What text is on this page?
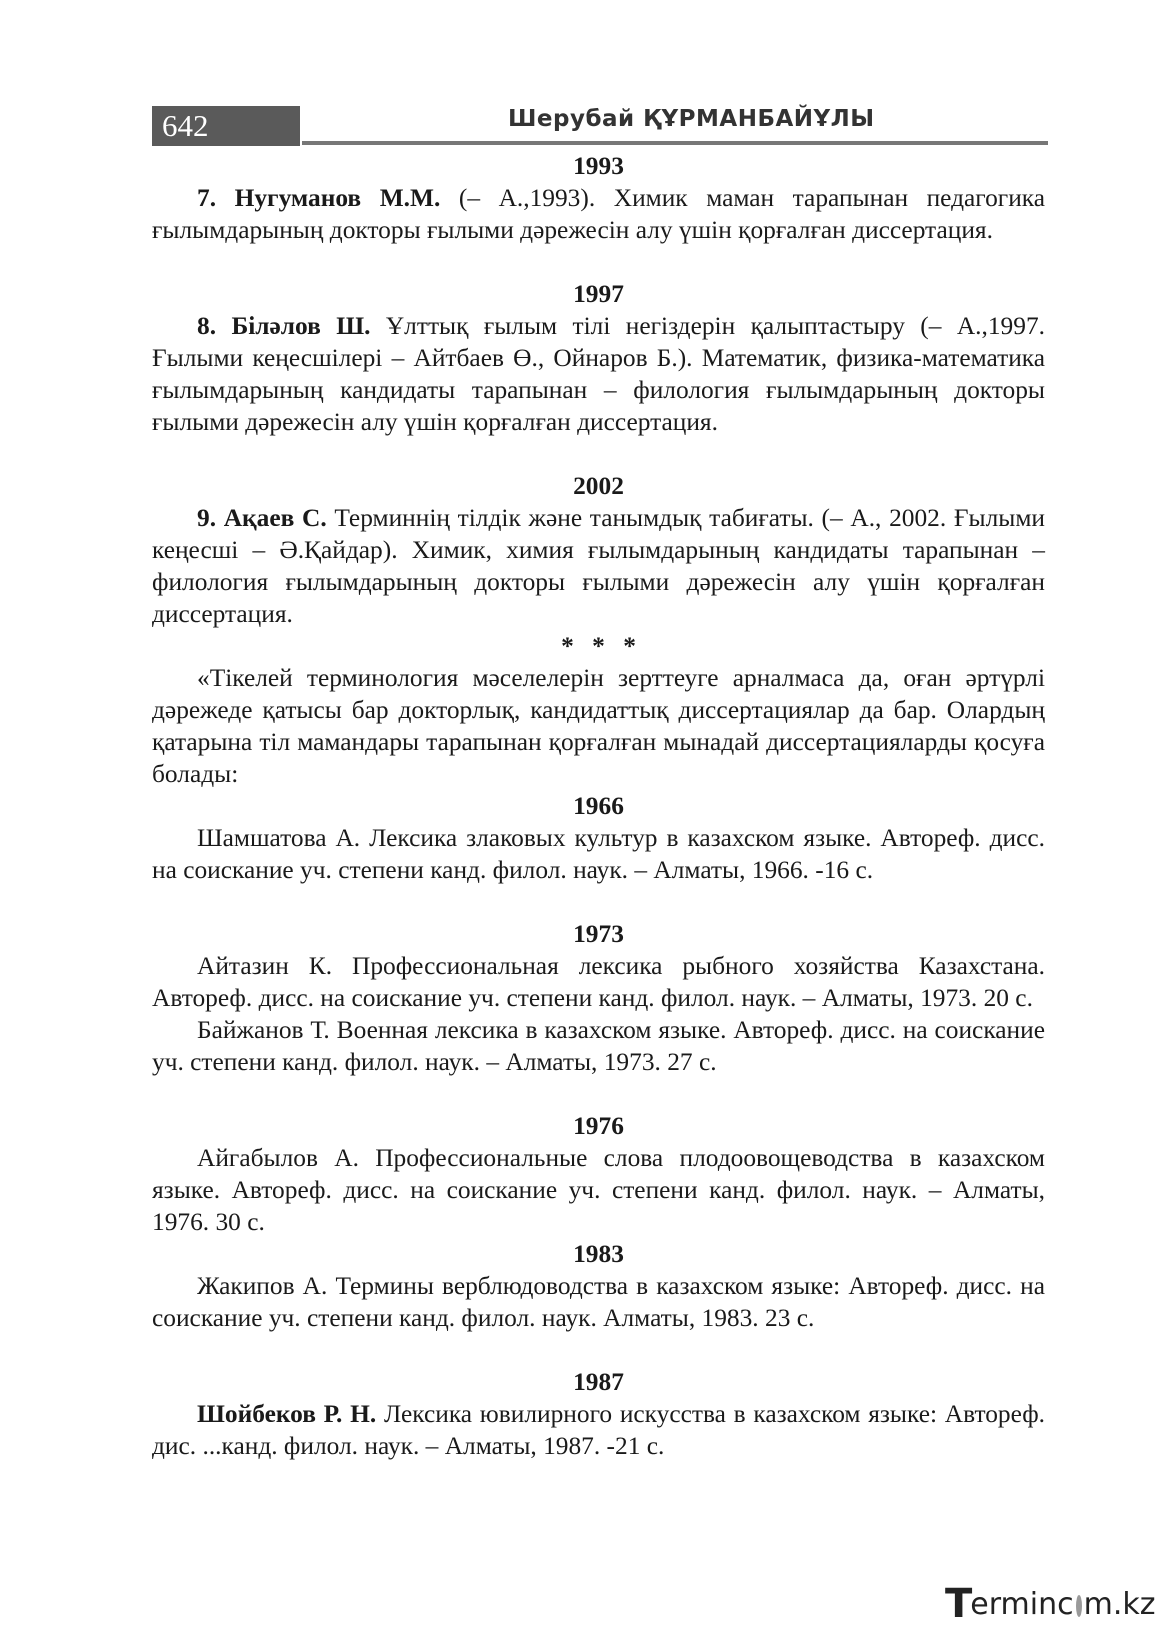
642	Шерубай ҚҰРМАНБАЙҰЛЫ
1993

7. Нугуманов М.М. (– А.,1993). Химик маман тарапынан педагогика ғылымдарының докторы ғылыми дәрежесін алу үшін қорғалған диссертация.

1997

8. Біләлов Ш. Ұлттық ғылым тілі негіздерін қалыптастыру (– А.,1997. Ғылыми кеңесшілері – Айтбаев Ө., Ойнаров Б.). Математик, физика-математика ғылымдарының кандидаты тарапынан – филология ғылымдарының докторы ғылыми дәрежесін алу үшін қорғалған диссертация.

2002

9. Ақаев С. Терминнің тілдік және танымдық табиғаты. (– А., 2002. Ғылыми кеңесші – Ә.Қайдар). Химик, химия ғылымдарының кандидаты тарапынан – филология ғылымдарының докторы ғылыми дәрежесін алу үшін қорғалған диссертация.

* * *

«Тікелей терминология мәселелерін зерттеуге арналмаса да, оған әртүрлі дәрежеде қатысы бар докторлық, кандидаттық диссертациялар да бар. Олардың қатарына тіл мамандары тарапынан қорғалған мынадай диссертацияларды қосуға болады:

1966

Шамшатова А. Лексика злаковых культур в казахском языке. Автореф. дисс. на соискание уч. степени канд. филол. наук. – Алматы, 1966. -16 с.

1973

Айтазин К. Профессиональная лексика рыбного хозяйства Казахстана. Автореф. дисс. на соискание уч. степени канд. филол. наук. – Алматы, 1973. 20 с.

Байжанов Т. Военная лексика в казахском языке. Автореф. дисс. на соискание уч. степени канд. филол. наук. – Алматы, 1973. 27 с.

1976

Айгабылов А. Профессиональные слова плодоовощеводства в казахском языке. Автореф. дисс. на соискание уч. степени канд. филол. наук. – Алматы, 1976. 30 с.

1983

Жакипов А. Термины верблюдоводства в казахском языке: Автореф. дисс. на соискание уч. степени канд. филол. наук. Алматы, 1983. 23 с.

1987

Шойбеков Р. Н. Лексика ювилирного искусства в казахском языке: Автореф. дис. ...канд. филол. наук. – Алматы, 1987. -21 с.

T
erminc m.kz
